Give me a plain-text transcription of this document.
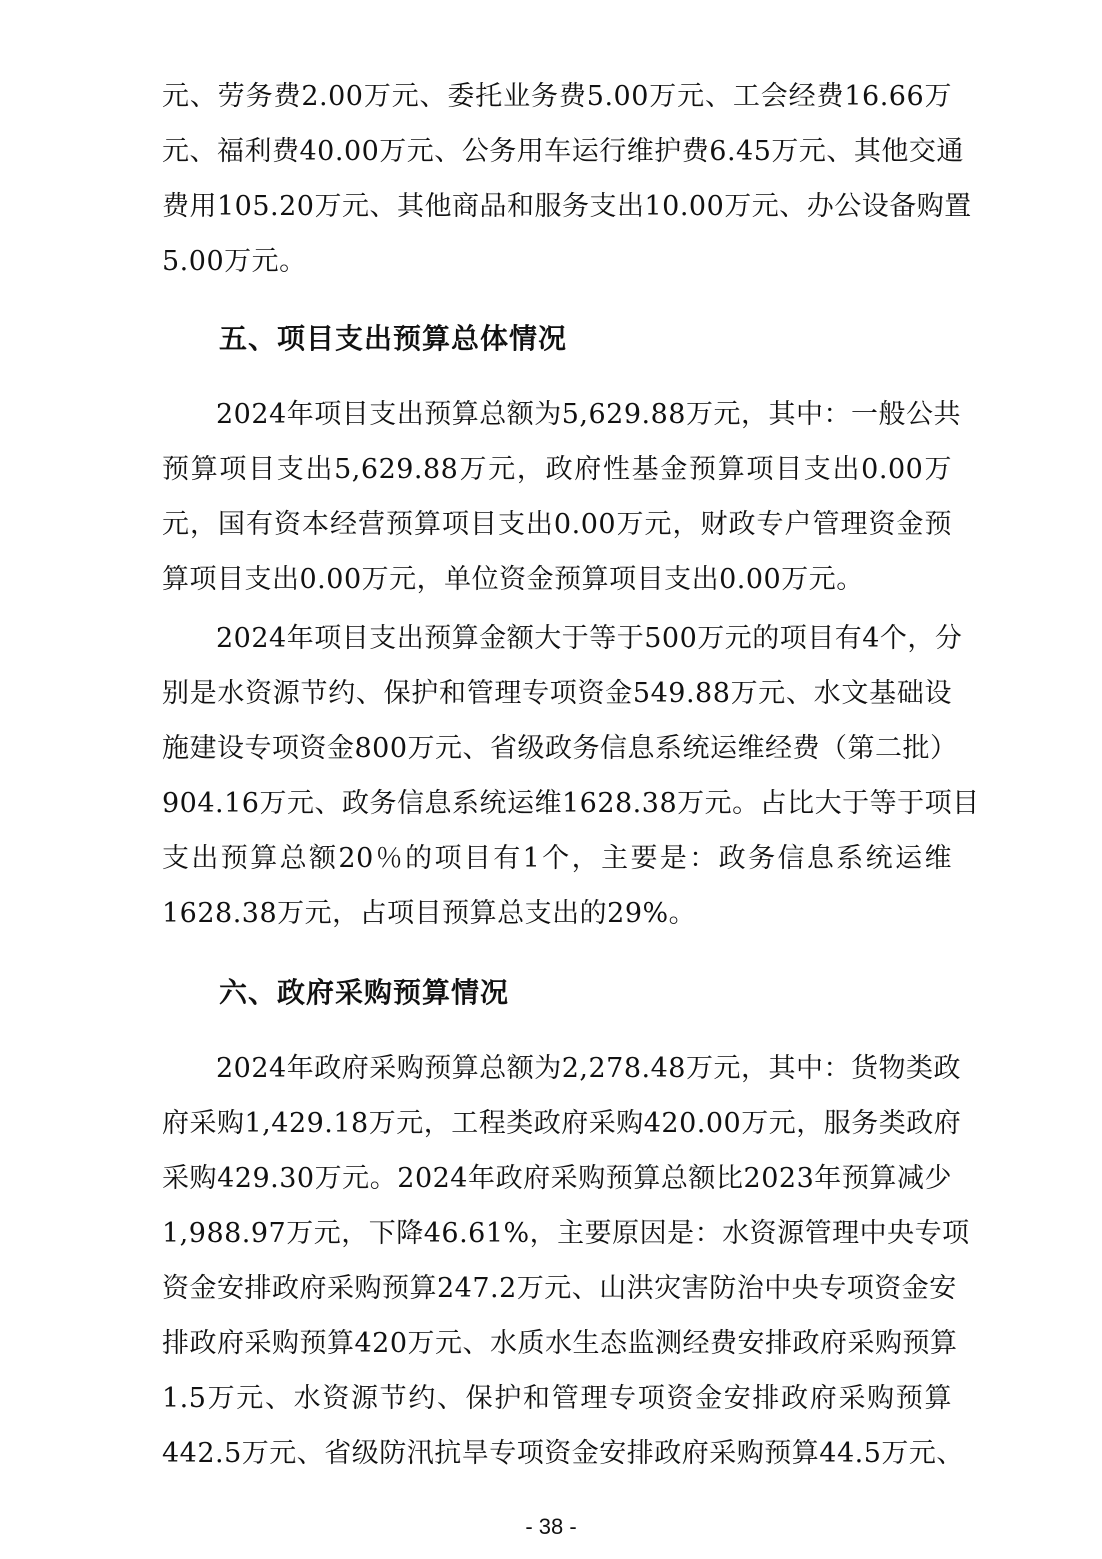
元、劳务费2.00万元、委托业务费5.00万元、工会经费16.66万
元、福利费40.00万元、公务用车运行维护费6.45万元、其他交通
费用105.20万元、其他商品和服务支出10.00万元、办公设备购置
5.00万元。
五、项目支出预算总体情况
2024年项目支出预算总额为5,629.88万元，其中：一般公共
预算项目支出5,629.88万元，政府性基金预算项目支出0.00万
元，国有资本经营预算项目支出0.00万元，财政专户管理资金预
算项目支出0.00万元，单位资金预算项目支出0.00万元。
2024年项目支出预算金额大于等于500万元的项目有4个，分
别是水资源节约、保护和管理专项资金549.88万元、水文基础设
施建设专项资金800万元、省级政务信息系统运维经费（第二批）
904.16万元、政务信息系统运维1628.38万元。占比大于等于项目
支出预算总额20％的项目有1个，主要是：政务信息系统运维
1628.38万元，占项目预算总支出的29%。
六、政府采购预算情况
2024年政府采购预算总额为2,278.48万元，其中：货物类政
府采购1,429.18万元，工程类政府采购420.00万元，服务类政府
采购429.30万元。2024年政府采购预算总额比2023年预算减少
1,988.97万元，下降46.61%，主要原因是：水资源管理中央专项
资金安排政府采购预算247.2万元、山洪灾害防治中央专项资金安
排政府采购预算420万元、水质水生态监测经费安排政府采购预算
1.5万元、水资源节约、保护和管理专项资金安排政府采购预算
442.5万元、省级防汛抗旱专项资金安排政府采购预算44.5万元、
- 38 -
